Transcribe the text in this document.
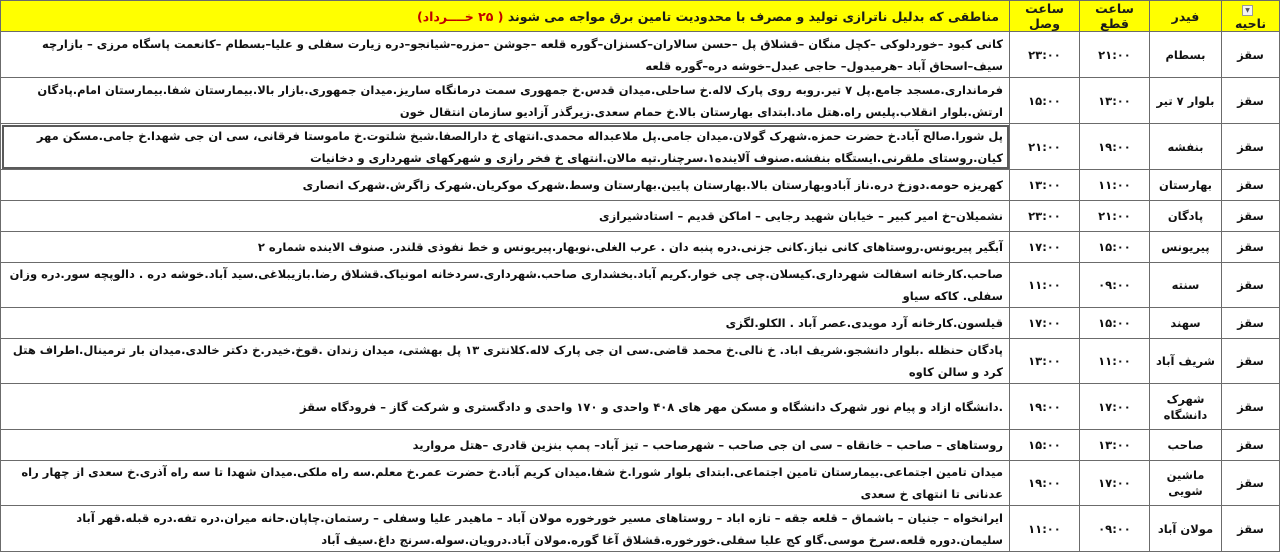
▼ناحیه	فیدر	ساعت قطع	ساعت وصل	مناطقی که بدلیل ناترازی تولید و مصرف با محدودیت تامین برق مواجه می شوند ( ۲۵ خــــرداد)
سقز	بسطام	۲۱:۰۰	۲۳:۰۰	کانی کبود –خوردلوکی –کچل منگان –قشلاق پل –حسن سالاران–کسنزان–گوره قلعه –جوشن –مزره–شیانجو–دره زیارت سفلی و علیا–بسطام –کانعمت پاسگاه مرزی – بازارچه سیف–اسحاق آباد –هرمیدول– حاجی عبدل–خوشه دره–گوره قلعه
سقز	بلوار ۷ تیر	۱۳:۰۰	۱۵:۰۰	فرمانداری.مسجد جامع.پل ۷ تیر.روبه روی پارک لاله.خ ساحلی.میدان قدس.خ جمهوری سمت درمانگاه ساریز.میدان جمهوری.بازار بالا.بیمارستان شفا.بیمارستان امام.پادگان ارتش.بلوار انقلاب.پلیس راه.هتل ماد.ابتدای بهارستان بالا.خ حمام سعدی.زیرگذر آزادیو سازمان انتقال خون
سقز	بنفشه	۱۹:۰۰	۲۱:۰۰	پل شورا.صالح آباد.خ حضرت حمزه.شهرک گولان.میدان جامی.پل ملاعبداله محمدی.انتهای خ دارالصفا.شیخ شلتوت.خ ماموستا فرقانی، سی ان جی شهدا.خ جامی.مسکن مهر کیان.روستای ملقرنی.ایستگاه بنفشه.صنوف آلاینده۱.سرچنار.تپه مالان.انتهای خ فخر رازی و شهرکهای شهرداری و دخانیات
سقز	بهارستان	۱۱:۰۰	۱۳:۰۰	کهریزه حومه.دوزخ دره.ناز آبادوبهارستان بالا.بهارستان پایین.بهارستان وسط.شهرک موکریان.شهرک زاگرش.شهرک انصاری
سقز	پادگان	۲۱:۰۰	۲۳:۰۰	نشمیلان–خ امیر کبیر – خیابان شهید رجایی – اماکن قدیم – استادشیرازی
سقز	پیریونس	۱۵:۰۰	۱۷:۰۰	آبگیر پیریونس.روستاهای کانی نیاز.کانی جزنی.دره پنبه دان . عرب الغلی.نوبهار.پیریونس و خط نفوذی قلندر. صنوف الاینده شماره ۲
سقز	سنته	۰۹:۰۰	۱۱:۰۰	صاحب.کارخانه اسفالت شهرداری.کیسلان.چی چی خوار.کریم آباد.بخشداری صاحب.شهرداری.سردخانه امونیاک.قشلاق رضا.بازیبلاغی.سید آباد.خوشه دره . دالوپچه سور.دره وزان سفلی. کاکه سیاو
سقز	سهند	۱۵:۰۰	۱۷:۰۰	قیلسون.کارخانه آرد مویدی.عصر آباد . الکلو.لگزی
سقز	شریف آباد	۱۱:۰۰	۱۳:۰۰	پادگان حنظله .بلوار دانشجو.شریف اباد. خ نالی.خ محمد قاضی.سی ان جی پارک لاله.کلانتری ۱۳ پل بهشتی، میدان زندان .قوخ.خیدر.خ دکتر خالدی.میدان بار ترمینال.اطراف هتل کرد و سالن کاوه
سقز	شهرک دانشگاه	۱۷:۰۰	۱۹:۰۰	.دانشگاه ازاد و پیام نور شهرک دانشگاه و مسکن مهر های ۴۰۸ واحدی و ۱۷۰ واحدی و دادگستری و شرکت گاز – فرودگاه سقز
سقز	صاحب	۱۳:۰۰	۱۵:۰۰	روستاهای – صاحب – خانقاه – سی ان جی صاحب – شهرصاحب – تیز آباد– پمپ بنزین قادری –هتل مروارید
سقز	ماشین شویی	۱۷:۰۰	۱۹:۰۰	میدان تامین اجتماعی.بیمارستان تامین اجتماعی.ابتدای بلوار شورا.خ شفا.میدان کریم آباد.خ حضرت عمر.خ معلم.سه راه ملکی.میدان شهدا تا سه راه آذری.خ سعدی از چهار راه عدنانی تا انتهای خ سعدی
سقز	مولان آباد	۰۹:۰۰	۱۱:۰۰	ایرانخواه – جنیان – باشماق – قلعه جقه – تازه اباد – روستاهای مسیر خورخوره مولان آباد – ماهیدر علیا وسفلی – رستمان.چاپان.حانه میران.دره تفه.دره قبله.قهر آباد سلیمان.دوره قلعه.سرخ موسی.گاو کج علیا سفلی.خورخوره.قشلاق آغا گوره.مولان آباد.درویان.سوله.سرنج داغ.سیف آباد
